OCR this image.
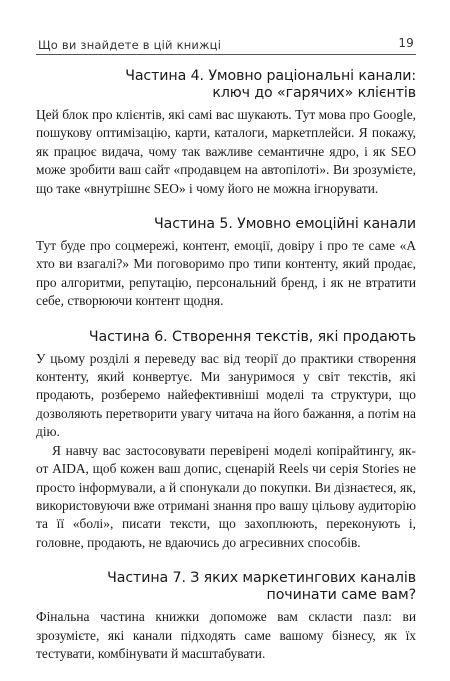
Що ви знайдете в цій книжці	19
Частина 4. Умовно раціональні канали:
ключ до «гарячих» клієнтів

Цей блок про клієнтів, які самі вас шукають. Тут мова про Google, пошукову оптимізацію, карти, каталоги, маркетплейси. Я покажу, як працює видача, чому так важливе семантичне ядро, і як SEO може зробити ваш сайт «продавцем на автопілоті». Ви зрозумієте, що таке «внутрішнє SEO» і чому його не можна ігнорувати.

Частина 5. Умовно емоційні канали

Тут буде про соцмережі, контент, емоції, довіру і про те саме «А хто ви взагалі?» Ми поговоримо про типи контенту, який продає, про алгоритми, репутацію, персональний бренд, і як не втратити себе, створюючи контент щодня.

Частина 6. Створення текстів, які продають

У цьому розділі я переведу вас від теорії до практики створення контенту, який конвертує. Ми зануримося у світ текстів, які продають, розберемо найефективніші моделі та структури, що дозволяють перетворити увагу читача на його бажання, а потім на дію.

Я навчу вас застосовувати перевірені моделі копірайтингу, як-от AIDA, щоб кожен ваш допис, сценарій Reels чи серія Stories не просто інформували, а й спонукали до покупки. Ви дізнаєтеся, як, використовуючи вже отримані знання про вашу цільову аудиторію та її «болі», писати тексти, що захоплюють, переконують і, головне, продають, не вдаючись до агресивних способів.

Частина 7. З яких маркетингових каналів
починати саме вам?

Фінальна частина книжки допоможе вам скласти пазл: ви зрозумієте, які канали підходять саме вашому бізнесу, як їх тестувати, комбінувати й масштабувати.
